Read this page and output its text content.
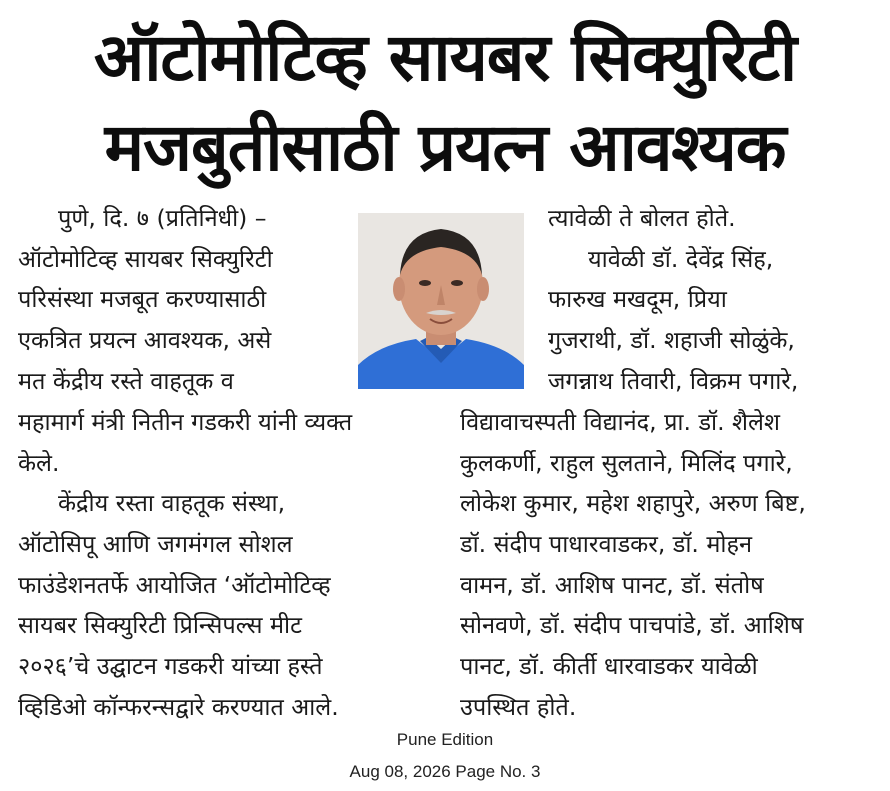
ऑटोमोटिव्ह सायबर सिक्युरिटी
मजबुतीसाठी प्रयत्न आवश्यक
पुणे, दि. ७ (प्रतिनिधी) –
ऑटोमोटिव्ह सायबर सिक्युरिटी
परिसंस्था मजबूत करण्यासाठी
एकत्रित प्रयत्न आवश्यक, असे
मत केंद्रीय रस्ते वाहतूक व
महामार्ग मंत्री नितीन गडकरी यांनी व्यक्त
केले.
केंद्रीय रस्ता वाहतूक संस्था,
ऑटोसिपू आणि जगमंगल सोशल
फाउंडेशनतर्फे आयोजित ‘ऑटोमोटिव्ह
सायबर सिक्युरिटी प्रिन्सिपल्स मीट
२०२६’चे उद्घाटन गडकरी यांच्या हस्ते
व्हिडिओ कॉन्फरन्सद्वारे करण्यात आले.
त्यावेळी ते बोलत होते.
यावेळी डॉ. देवेंद्र सिंह,
फारुख मखदूम, प्रिया
गुजराथी, डॉ. शहाजी सोळुंके,
जगन्नाथ तिवारी, विक्रम पगारे,
विद्यावाचस्पती विद्यानंद, प्रा. डॉ. शैलेश
कुलकर्णी, राहुल सुलताने, मिलिंद पगारे,
लोकेश कुमार, महेश शहापुरे, अरुण बिष्ट,
डॉ. संदीप पाधारवाडकर, डॉ. मोहन
वामन, डॉ. आशिष पानट, डॉ. संतोष
सोनवणे, डॉ. संदीप पाचपांडे, डॉ. आशिष
पानट, डॉ. कीर्ती धारवाडकर यावेळी
उपस्थित होते.
Pune Edition
Aug 08, 2026 Page No. 3
